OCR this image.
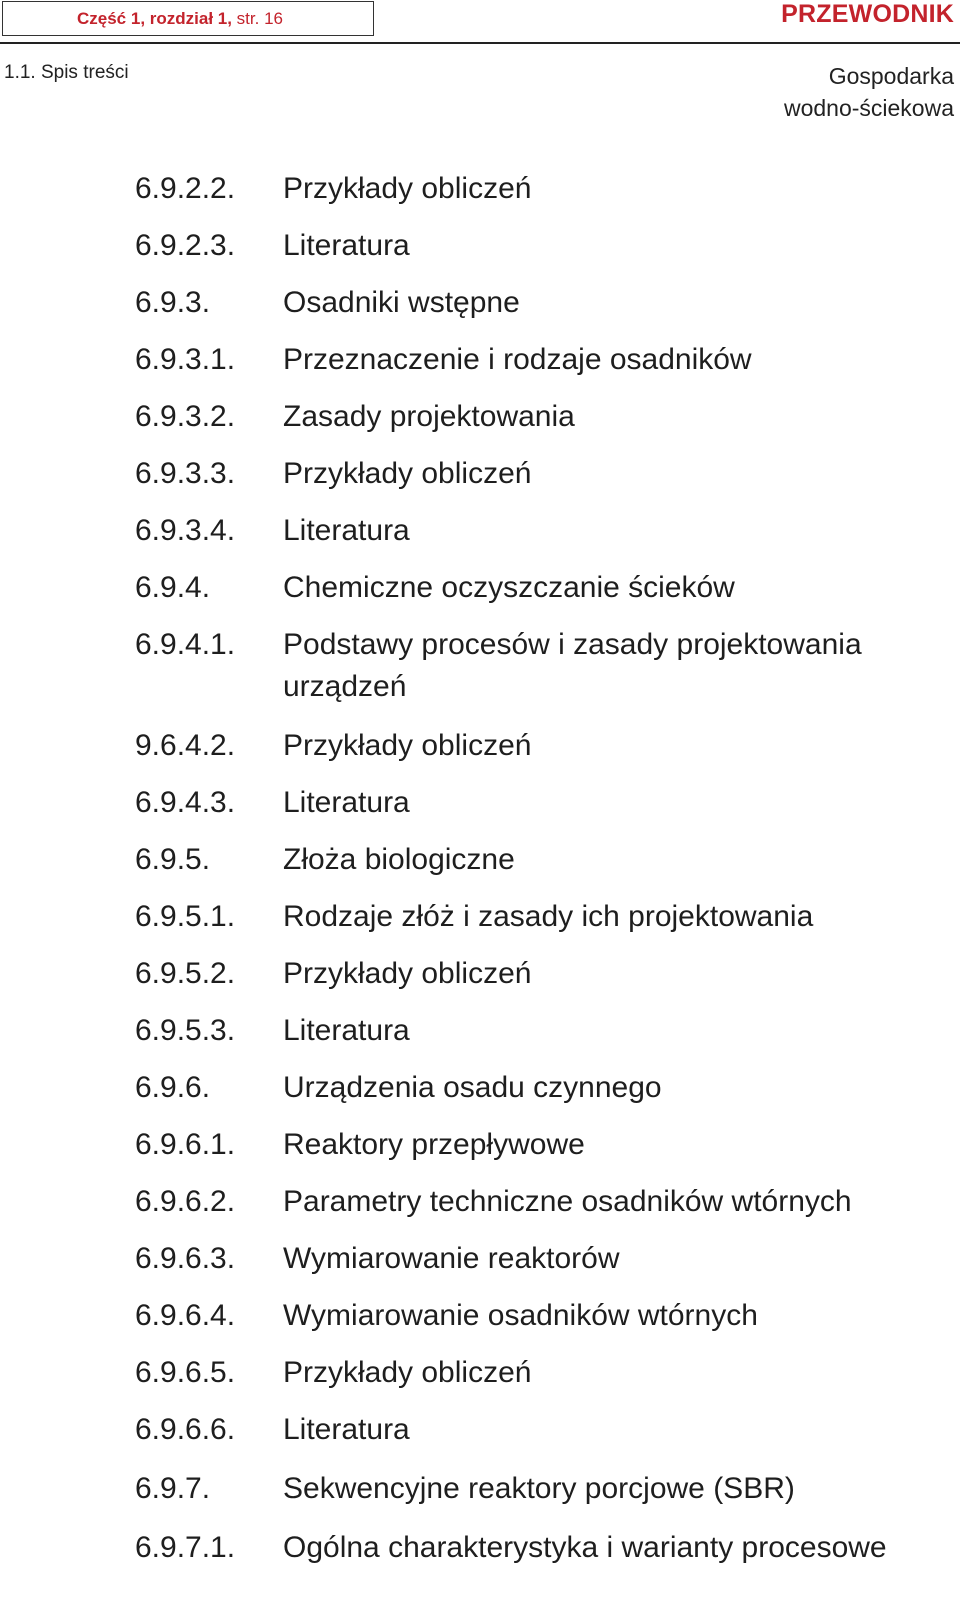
Część 1, rozdział 1, str. 16	PRZEWODNIK
1.1. Spis treści	Gospodarka
wodno-ściekowa
6.9.2.2. Przykłady obliczeń
6.9.2.3. Literatura
6.9.3. Osadniki wstępne
6.9.3.1. Przeznaczenie i rodzaje osadników
6.9.3.2. Zasady projektowania
6.9.3.3. Przykłady obliczeń
6.9.3.4. Literatura
6.9.4. Chemiczne oczyszczanie ścieków
6.9.4.1. Podstawy procesów i zasady projektowania urządzeń
9.6.4.2. Przykłady obliczeń
6.9.4.3. Literatura
6.9.5. Złoża biologiczne
6.9.5.1. Rodzaje złóż i zasady ich projektowania
6.9.5.2. Przykłady obliczeń
6.9.5.3. Literatura
6.9.6. Urządzenia osadu czynnego
6.9.6.1. Reaktory przepływowe
6.9.6.2. Parametry techniczne osadników wtórnych
6.9.6.3. Wymiarowanie reaktorów
6.9.6.4. Wymiarowanie osadników wtórnych
6.9.6.5. Przykłady obliczeń
6.9.6.6. Literatura
6.9.7. Sekwencyjne reaktory porcjowe (SBR)
6.9.7.1. Ogólna charakterystyka i warianty procesowe
